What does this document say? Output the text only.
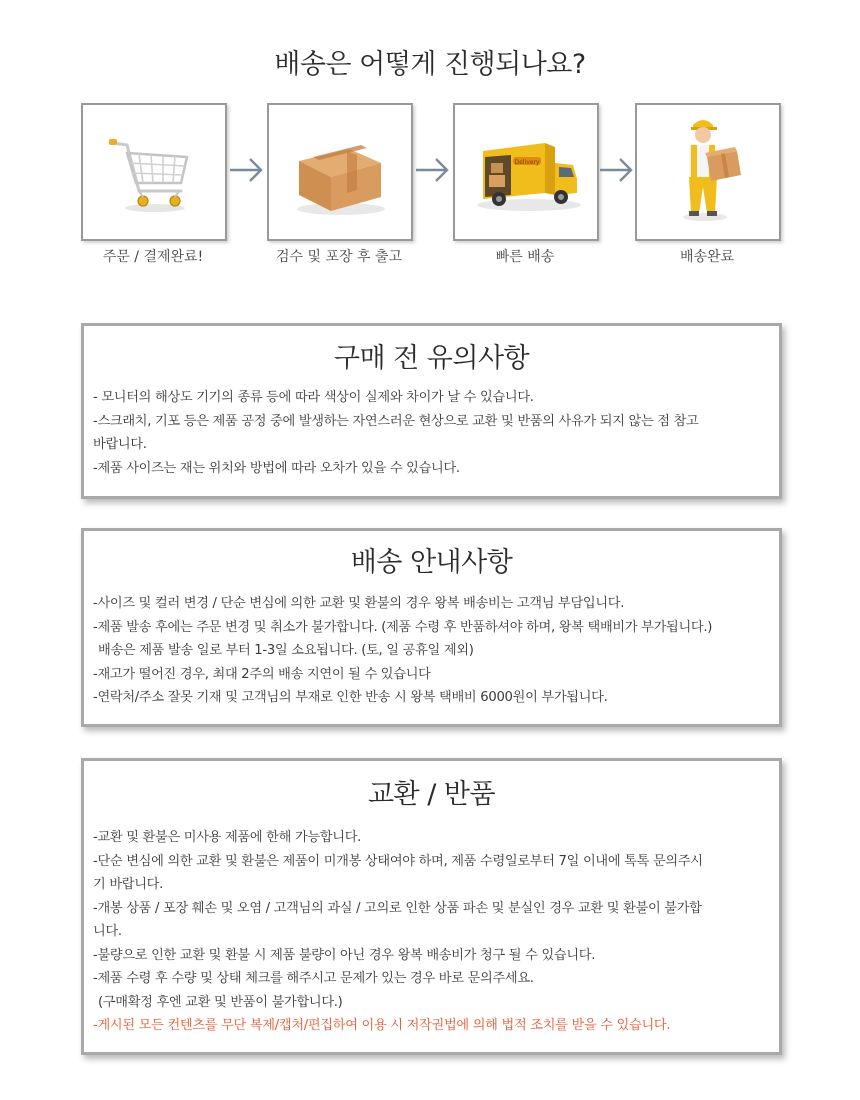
배송은 어떻게 진행되나요?
Delivery
주문 / 결제완료!	검수 및 포장 후 출고	빠른 배송	배송완료
구매 전 유의사항
- 모니터의 해상도 기기의 종류 등에 따라 색상이 실제와 차이가 날 수 있습니다.
-스크래치, 기포 등은 제품 공정 중에 발생하는 자연스러운 현상으로 교환 및 반품의 사유가 되지 않는 점 참고
바랍니다.
-제품 사이즈는 재는 위치와 방법에 따라 오차가 있을 수 있습니다.
배송 안내사항
-사이즈 및 컬러 변경 / 단순 변심에 의한 교환 및 환불의 경우 왕복 배송비는 고객님 부담입니다.
-제품 발송 후에는 주문 변경 및 취소가 불가합니다. (제품 수령 후 반품하셔야 하며, 왕복 택배비가 부가됩니다.)
배송은 제품 발송 일로 부터 1-3일 소요됩니다. (토, 일 공휴일 제외)
-재고가 떨어진 경우, 최대 2주의 배송 지연이 될 수 있습니다
-연락처/주소 잘못 기재 및 고객님의 부재로 인한 반송 시 왕복 택배비 6000원이 부가됩니다.
교환 / 반품
-교환 및 환불은 미사용 제품에 한해 가능합니다.
-단순 변심에 의한 교환 및 환불은 제품이 미개봉 상태여야 하며, 제품 수령일로부터 7일 이내에 톡톡 문의주시
기 바랍니다.
-개봉 상품 / 포장 훼손 및 오염 / 고객님의 과실 / 고의로 인한 상품 파손 및 분실인 경우 교환 및 환불이 불가합
니다.
-불량으로 인한 교환 및 환불 시 제품 불량이 아닌 경우 왕복 배송비가 청구 될 수 있습니다.
-제품 수령 후 수량 및 상태 체크를 해주시고 문제가 있는 경우 바로 문의주세요.
(구매확정 후엔 교환 및 반품이 불가합니다.)
-게시된 모든 컨텐츠를 무단 복제/캡처/편집하여 이용 시 저작권법에 의해 법적 조치를 받을 수 있습니다.
